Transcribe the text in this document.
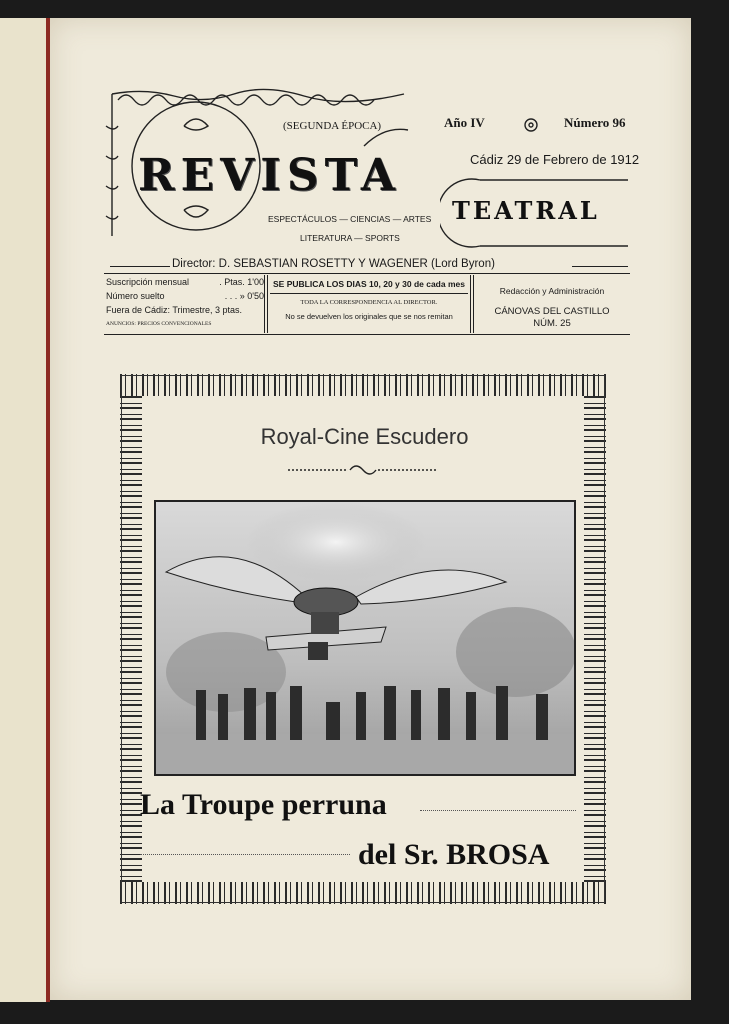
(SEGUNDA ÉPOCA)
REVISTA
Año IV	Número 96
Cádiz 29 de Febrero de 1912
TEATRAL
ESPECTÁCULOS — CIENCIAS — ARTES
LITERATURA — SPORTS
Director: D. SEBASTIAN ROSETTY Y WAGENER (Lord Byron)
Suscripción mensual	. Ptas. 1'00
Número suelto	. . . » 0'50
Fuera de Cádiz: Trimestre, 3 ptas.
ANUNCIOS: PRECIOS CONVENCIONALES
SE PUBLICA LOS DIAS 10, 20 y 30 de cada mes
TODA LA CORRESPONDENCIA AL DIRECTOR.
No se devuelven los originales que se nos remitan
Redacción y Administración
CÁNOVAS DEL CASTILLO
NÚM. 25
Royal-Cine Escudero
La Troupe perruna
del Sr. BROSA
